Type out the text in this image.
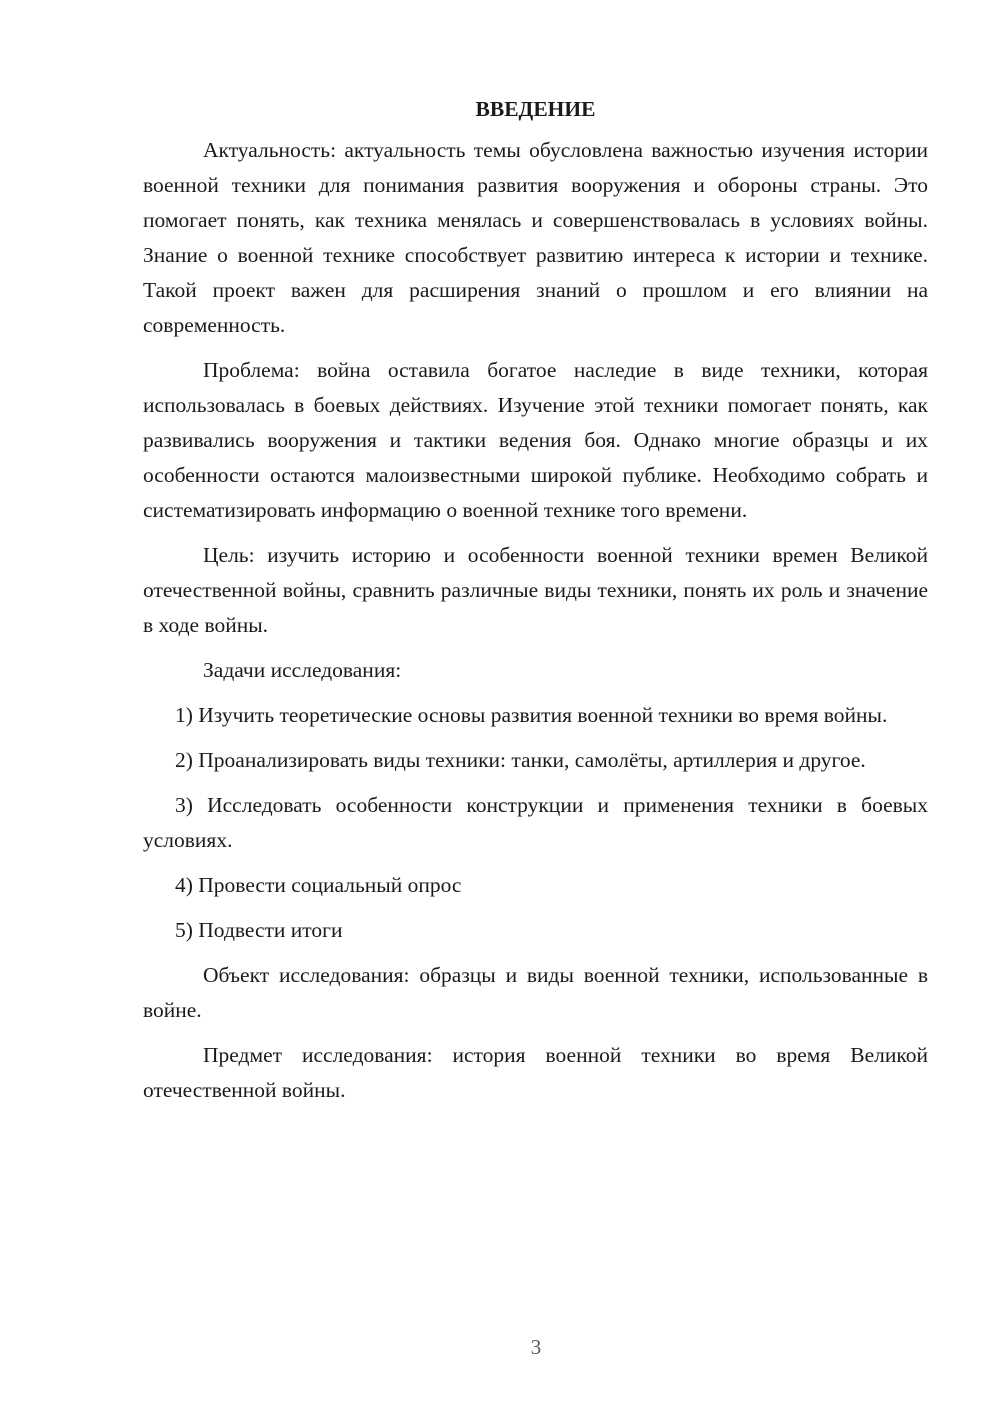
ВВЕДЕНИЕ

Актуальность: актуальность темы обусловлена важностью изучения истории военной техники для понимания развития вооружения и обороны страны. Это помогает понять, как техника менялась и совершенствовалась в условиях войны. Знание о военной технике способствует развитию интереса к истории и технике. Такой проект важен для расширения знаний о прошлом и его влиянии на современность.

Проблема: война оставила богатое наследие в виде техники, которая использовалась в боевых действиях. Изучение этой техники помогает понять, как развивались вооружения и тактики ведения боя. Однако многие образцы и их особенности остаются малоизвестными широкой публике. Необходимо собрать и систематизировать информацию о военной технике того времени.

Цель: изучить историю и особенности военной техники времен Великой отечественной войны, сравнить различные виды техники, понять их роль и значение в ходе войны.

Задачи исследования:

1) Изучить теоретические основы развития военной техники во время войны.

2) Проанализировать виды техники: танки, самолёты, артиллерия и другое.

3) Исследовать особенности конструкции и применения техники в боевых условиях.

4) Провести социальный опрос

5) Подвести итоги

Объект исследования: образцы и виды военной техники, использованные в войне.

Предмет исследования: история военной техники во время Великой отечественной войны.

3
